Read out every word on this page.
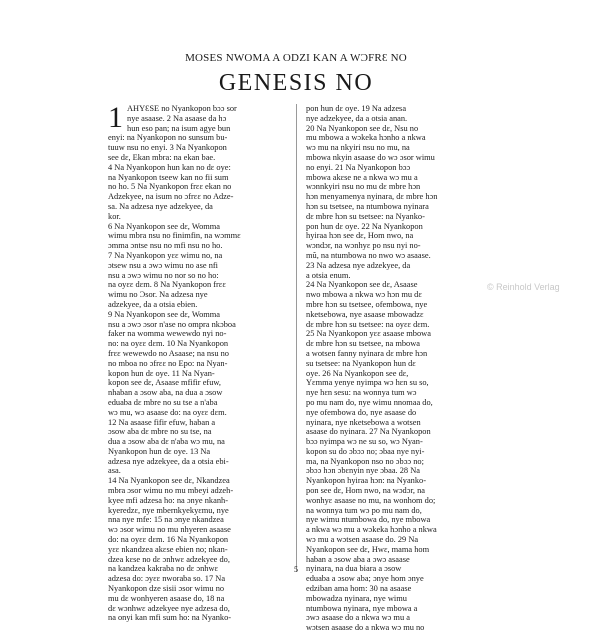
MOSES NWOMA A ODZI KAN A WƆFRƐ NO
GENESIS NO
1 AHYƐSE no Nyankopon bɔɔ sor
nye asaase. 2 Na asaase da hɔ
hun eso pan; na isum agye bun
enyi: na Nyankopon no sunsum bu-
tuuw nsu no enyi. 3 Na Nyankopon
see dɛ, Ekan mbra: na ekan bae.
4 Na Nyankopon hun kan no dɛ oye:
na Nyankopon tseew kan no fii sum
no ho. 5 Na Nyankopon frɛɛ ekan no
Adzekyee, na isum no ɔfrɛɛ no Adze-
sa. Na adzesa nye adzekyee, da
kor.
6 Na Nyankopon see dɛ, Womma
wimu mbra nsu no finimfin, na wɔmmɛ
ɔmma ɔntse nsu no mfi nsu no ho.
7 Na Nyankopon yɛɛ wimu no, na
ɔtsew nsu a ɔwɔ wimu no ase nfi
nsu a ɔwɔ wimu no nor so no ho:
na oyɛɛ dɛm. 8 Na Nyankopon frɛɛ
wimu no Ɔsor. Na adzesa nye
adzekyee, da a otsia ebien.
9 Na Nyankopon see dɛ, Womma
nsu a ɔwɔ ɔsor n'ase no ompra nkɔboa
faker na womma wewewdo nyi no-
no: na oyɛɛ dɛm. 10 Na Nyankopon
frɛɛ wewewdo no Asaase; na nsu no
no mboa no ɔfrɛɛ no Epo: na Nyan-
kopon hun dɛ oye. 11 Na Nyan-
kopon see dɛ, Asaase mfifir efuw,
nhaban a ɔsow aba, na dua a ɔsow
eduaba dɛ mbre no su tse a n'aba
wɔ mu, wɔ asaase do: na oyɛɛ dɛm.
12 Na asaase fifir efuw, haban a
ɔsow aba dɛ mbre no su tse, na
dua a ɔsow aba dɛ n'aba wɔ mu, na
Nyankopon hun dɛ oye. 13 Na
adzesa nye adzekyee, da a otsia ebi-
asa.
14 Na Nyankopon see dɛ, Nkandzea
mbra ɔsor wimu no mu mbeyi adzeh-
kyee mfi adzesa ho: na ɔnye nkanh-
kyeredzɛ, nye mbernkyekyɛmu, nye
nna nye mfe: 15 na ɔnye nkandzea
wɔ ɔsor wimu no mu nhyeren asaase
do: na oyɛɛ dɛm. 16 Na Nyankopon
yɛɛ nkandzea akɛse ebien no; nkan-
dzea kɛse no dɛ ɔnhwɛ adzekyee do,
na kandzea kakraba no dɛ ɔnhwɛ
adzesa do: ɔyɛɛ nworaba so. 17 Na
Nyankopon dze sisii ɔsor wimu no
mu dɛ wonhyeren asaase do, 18 na
dɛ wɔnhwɛ adzekyee nye adzesa do,
na onyi kan mfi sum ho: na Nyanko-
pon hun dɛ oye. 19 Na adzesa
nye adzekyee, da a otsia anan.
20 Na Nyankopon see dɛ, Nsu no
mu mbowa a wɔkeka hɔnho a nkwa
wɔ mu na nkyiri nsu no mu, na
mbowa nkyin asaase do wɔ ɔsor wimu
no enyi. 21 Na Nyankopon bɔɔ
mbowa akɛse ne a nkwa wɔ mu a
wɔnnkyiri nsu no mu dɛ mbre hɔn
hɔn menyamenya nyinara, dɛ mbre hɔn
hɔn su tsetsee, na ntumbowa nyinara
dɛ mbre hɔn su tsetsee: na Nyanko-
pon hun dɛ oye. 22 Na Nyankopon
hyiraa hɔn see dɛ, Hom nwo, na
wɔndɔr, na wɔnhyɛ po nsu nyi no-
mũ, na ntumbowa no nwo wɔ asaase.
23 Na adzesa nye adzekyee, da
a otsia enum.
24 Na Nyankopon see dɛ, Asaase
nwo mbowa a nkwa wɔ hɔn mu dɛ
mbre hɔn su tsetsee, ofembowa, nye
nketsebowa, nye asaase mbowadzɛ
dɛ mbre hɔn su tsetsee: na oyɛɛ dɛm.
25 Na Nyankopon yɛɛ asaase mbowa
dɛ mbre hɔn su tsetsee, na mbowa
a wotsen fanny nyinara dɛ mbre hɔn
su tsetsee: na Nyankopon hun dɛ
oye. 26 Na Nyankopon see dɛ,
Yɛmma yenye nyimpa wɔ hɛn su so,
nye hɛn sesu: na wonnya tum wɔ
po mu nam do, nye wimu nnomaa do,
nye ofembowa do, nye asaase do
nyinara, nye nketsebowa a wotsen
asaase do nyinara. 27 Na Nyankopon
bɔɔ nyimpa wɔ ne su so, wɔ Nyan-
kopon su do ɔbɔɔ no; ɔbaa nye nyi-
ma, na Nyankopon nso no ɔbɔɔ no;
ɔbɔɔ hɔn ɔbɛnyin nye ɔbaa. 28 Na
Nyankopon hyiraa hɔn: na Nyanko-
pon see dɛ, Hom nwo, na wɔdɔr, na
wonhyɛ asaase no mu, na wonhom do;
na wonnya tum wɔ po mu nam do,
nye wimu ntumbowa do, nye mbowa
a nkwa wɔ mu a wɔkeka hɔnho a nkwa
wɔ mu a wɔtsen asaase do. 29 Na
Nyankopon see dɛ, Hwɛ, mama hom
haban a ɔsow aba a ɔwɔ asaase
nyinara, na dua biara a ɔsow
eduaba a ɔsow aba; ɔnye hom ɔnye
edziban ama hom: 30 na asaase
mbowadza nyinara, nye wimu
ntumbowa nyinara, nye mbowa a
ɔwɔ asaase do a nkwa wɔ mu a
wɔtsen asaase do a nkwa wɔ mu no
5
© Reinhold Verlag
